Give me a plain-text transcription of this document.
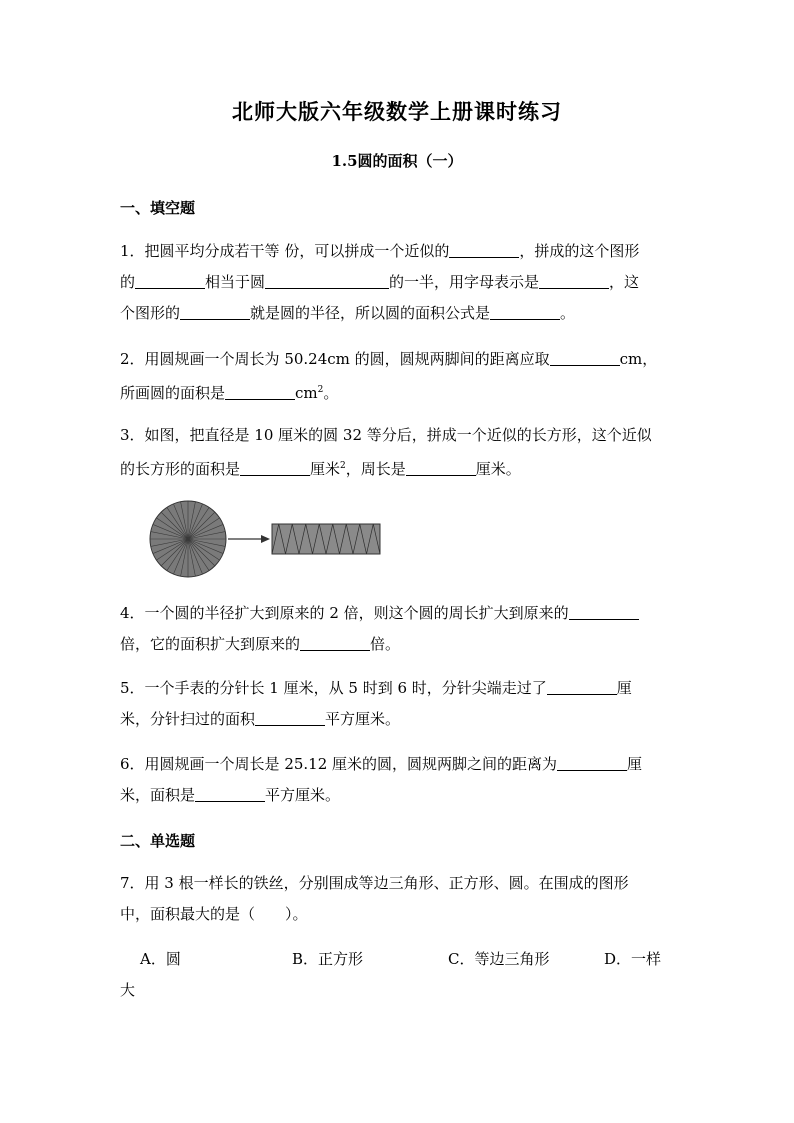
北师大版六年级数学上册课时练习
1.5圆的面积（一）
一、填空题
1．把圆平均分成若干等 份，可以拼成一个近似的	，拼成的这个图形
的	相当于圆	的一半，用字母表示是	，这
个图形的	就是圆的半径，所以圆的面积公式是	。
2．用圆规画一个周长为 50.24cm 的圆，圆规两脚间的距离应取	cm，
所画圆的面积是	$cm^2$。
3．如图，把直径是 10 厘米的圆 32 等分后，拼成一个近似的长方形，这个近似
的长方形的面积是	厘米$^2$，周长是	厘米。
4．一个圆的半径扩大到原来的 2 倍，则这个圆的周长扩大到原来的
倍，它的面积扩大到原来的	倍。
5．一个手表的分针长 1 厘米，从 5 时到 6 时，分针尖端走过了	厘
米，分针扫过的面积	平方厘米。
6．用圆规画一个周长是 25.12 厘米的圆，圆规两脚之间的距离为	厘
米，面积是	平方厘米。
二、单选题
7．用 3 根一样长的铁丝，分别围成等边三角形、正方形、圆。在围成的图形
中，面积最大的是（　　）。
A．圆	B．正方形	C．等边三角形	D．一样
大
